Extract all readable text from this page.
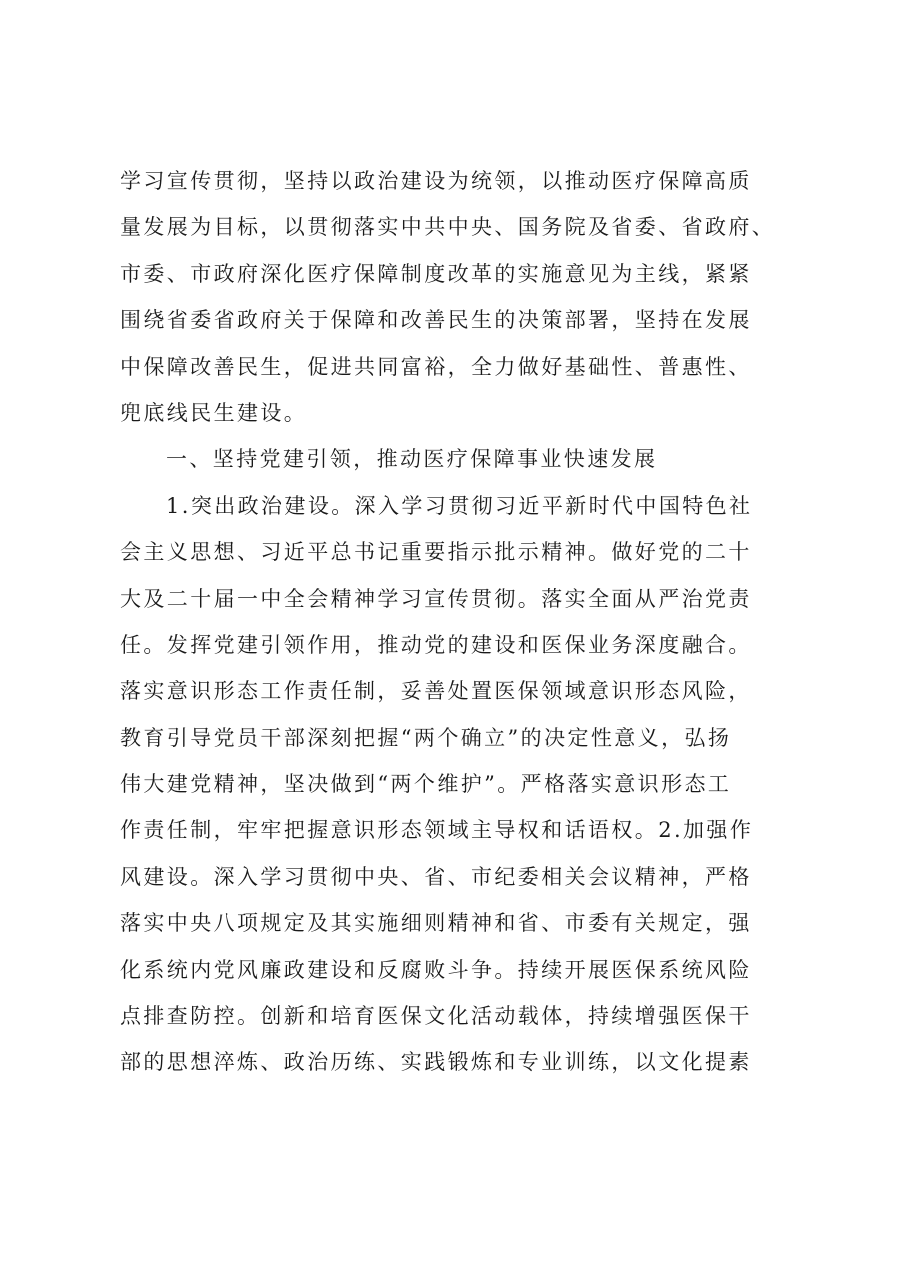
学习宣传贯彻，坚持以政治建设为统领，以推动医疗保障高质
量发展为目标，以贯彻落实中共中央、国务院及省委、省政府、
市委、市政府深化医疗保障制度改革的实施意见为主线，紧紧
围绕省委省政府关于保障和改善民生的决策部署，坚持在发展
中保障改善民生，促进共同富裕，全力做好基础性、普惠性、
兜底线民生建设。
一、坚持党建引领，推动医疗保障事业快速发展
1.突出政治建设。深入学习贯彻习近平新时代中国特色社
会主义思想、习近平总书记重要指示批示精神。做好党的二十
大及二十届一中全会精神学习宣传贯彻。落实全面从严治党责
任。发挥党建引领作用，推动党的建设和医保业务深度融合。
落实意识形态工作责任制，妥善处置医保领域意识形态风险，
教育引导党员干部深刻把握“两个确立”的决定性意义，弘扬
伟大建党精神，坚决做到“两个维护”。严格落实意识形态工
作责任制，牢牢把握意识形态领域主导权和话语权。2.加强作
风建设。深入学习贯彻中央、省、市纪委相关会议精神，严格
落实中央八项规定及其实施细则精神和省、市委有关规定，强
化系统内党风廉政建设和反腐败斗争。持续开展医保系统风险
点排查防控。创新和培育医保文化活动载体，持续增强医保干
部的思想淬炼、政治历练、实践锻炼和专业训练，以文化提素
